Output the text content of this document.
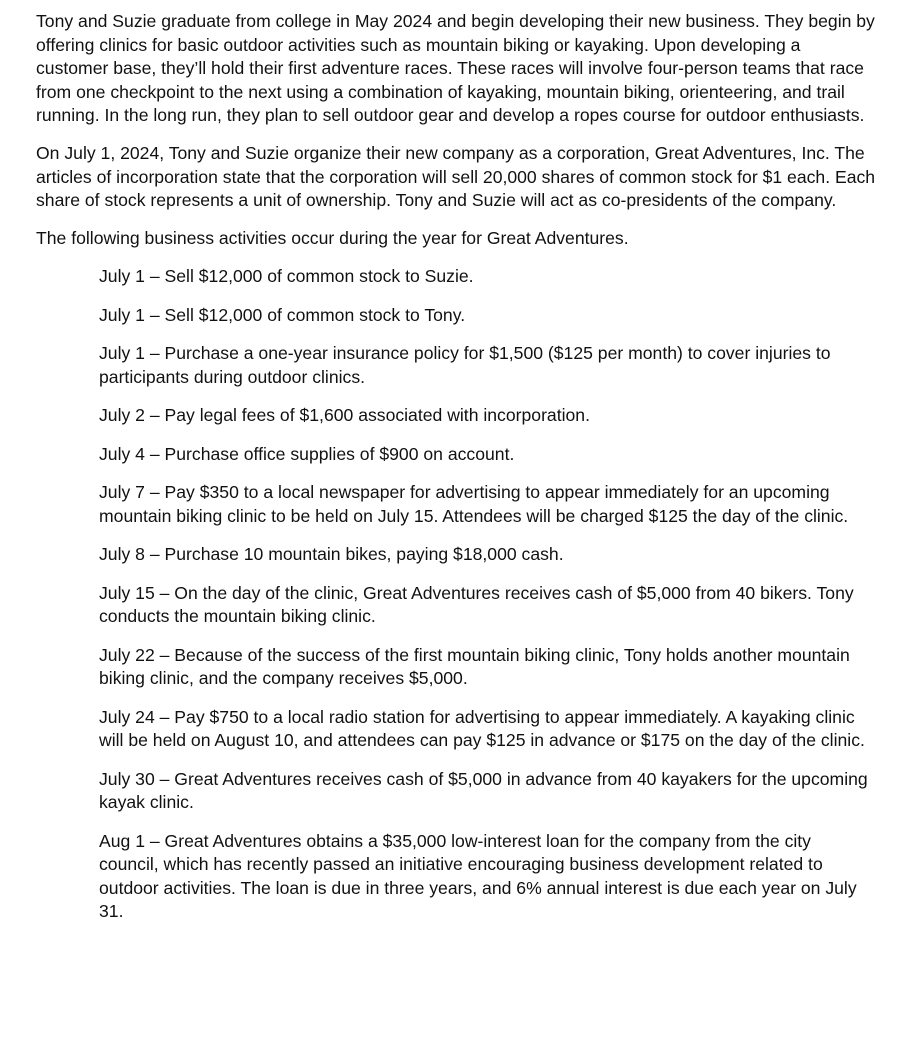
Tony and Suzie graduate from college in May 2024 and begin developing their new business. They begin by offering clinics for basic outdoor activities such as mountain biking or kayaking. Upon developing a customer base, they’ll hold their first adventure races. These races will involve four-person teams that race from one checkpoint to the next using a combination of kayaking, mountain biking, orienteering, and trail running. In the long run, they plan to sell outdoor gear and develop a ropes course for outdoor enthusiasts.

On July 1, 2024, Tony and Suzie organize their new company as a corporation, Great Adventures, Inc. The articles of incorporation state that the corporation will sell 20,000 shares of common stock for $1 each. Each share of stock represents a unit of ownership. Tony and Suzie will act as co-presidents of the company.

The following business activities occur during the year for Great Adventures.

July 1 – Sell $12,000 of common stock to Suzie.
July 1 – Sell $12,000 of common stock to Tony.
July 1 – Purchase a one-year insurance policy for $1,500 ($125 per month) to cover injuries to participants during outdoor clinics.
July 2 – Pay legal fees of $1,600 associated with incorporation.
July 4 – Purchase office supplies of $900 on account.
July 7 – Pay $350 to a local newspaper for advertising to appear immediately for an upcoming mountain biking clinic to be held on July 15. Attendees will be charged $125 the day of the clinic.
July 8 – Purchase 10 mountain bikes, paying $18,000 cash.
July 15 – On the day of the clinic, Great Adventures receives cash of $5,000 from 40 bikers. Tony conducts the mountain biking clinic.
July 22 – Because of the success of the first mountain biking clinic, Tony holds another mountain biking clinic, and the company receives $5,000.
July 24 – Pay $750 to a local radio station for advertising to appear immediately. A kayaking clinic will be held on August 10, and attendees can pay $125 in advance or $175 on the day of the clinic.
July 30 – Great Adventures receives cash of $5,000 in advance from 40 kayakers for the upcoming kayak clinic.
Aug 1 – Great Adventures obtains a $35,000 low-interest loan for the company from the city council, which has recently passed an initiative encouraging business development related to outdoor activities. The loan is due in three years, and 6% annual interest is due each year on July 31.
